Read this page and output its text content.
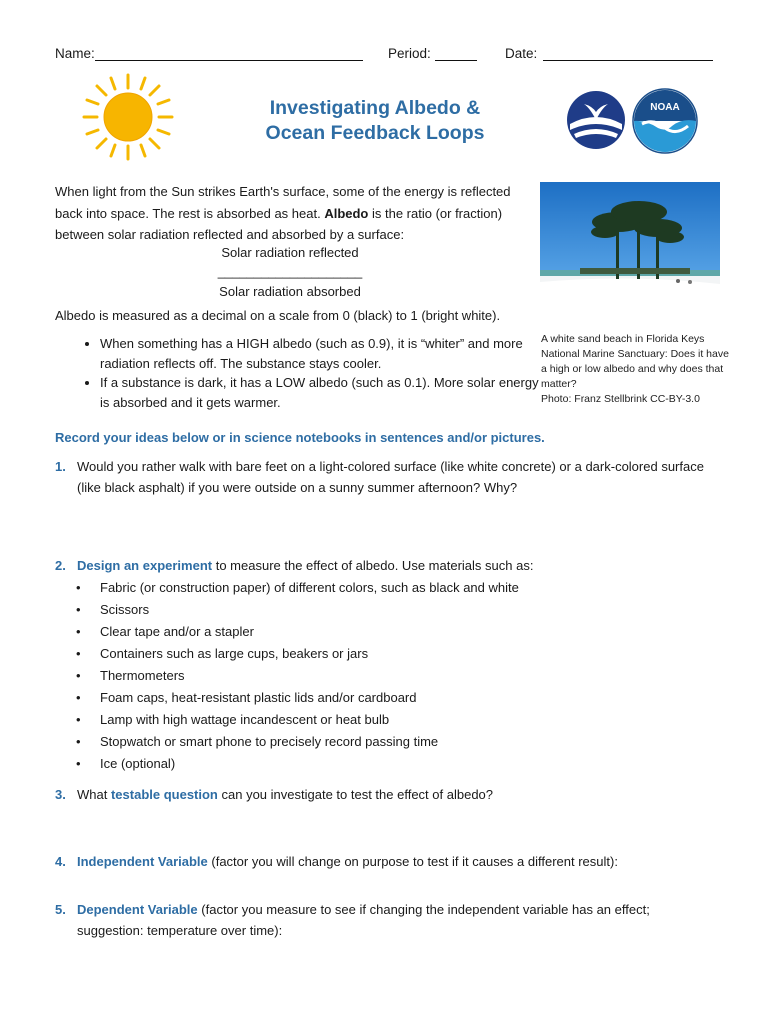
Name:	Period:	Date:
Investigating Albedo &
Ocean Feedback Loops
NOAA
When light from the Sun strikes Earth's surface, some of the energy is reflected back into space. The rest is absorbed as heat. Albedo is the ratio (or fraction) between solar radiation reflected and absorbed by a surface:
Solar radiation reflected
____________________
Solar radiation absorbed
Albedo is measured as a decimal on a scale from 0 (black) to 1 (bright white).
• When something has a HIGH albedo (such as 0.9), it is “whiter” and more radiation reflects off. The substance stays cooler.
• If a substance is dark, it has a LOW albedo (such as 0.1). More solar energy is absorbed and it gets warmer.
A white sand beach in Florida Keys National Marine Sanctuary: Does it have a high or low albedo and why does that matter?
Photo: Franz Stellbrink CC-BY-3.0
Record your ideas below or in science notebooks in sentences and/or pictures.
1. Would you rather walk with bare feet on a light-colored surface (like white concrete) or a dark-colored surface (like black asphalt) if you were outside on a sunny summer afternoon? Why?
2. Design an experiment to measure the effect of albedo. Use materials such as:
• Fabric (or construction paper) of different colors, such as black and white
• Scissors
• Clear tape and/or a stapler
• Containers such as large cups, beakers or jars
• Thermometers
• Foam caps, heat-resistant plastic lids and/or cardboard
• Lamp with high wattage incandescent or heat bulb
• Stopwatch or smart phone to precisely record passing time
• Ice (optional)
3. What testable question can you investigate to test the effect of albedo?
4. Independent Variable (factor you will change on purpose to test if it causes a different result):
5. Dependent Variable (factor you measure to see if changing the independent variable has an effect; suggestion: temperature over time):
